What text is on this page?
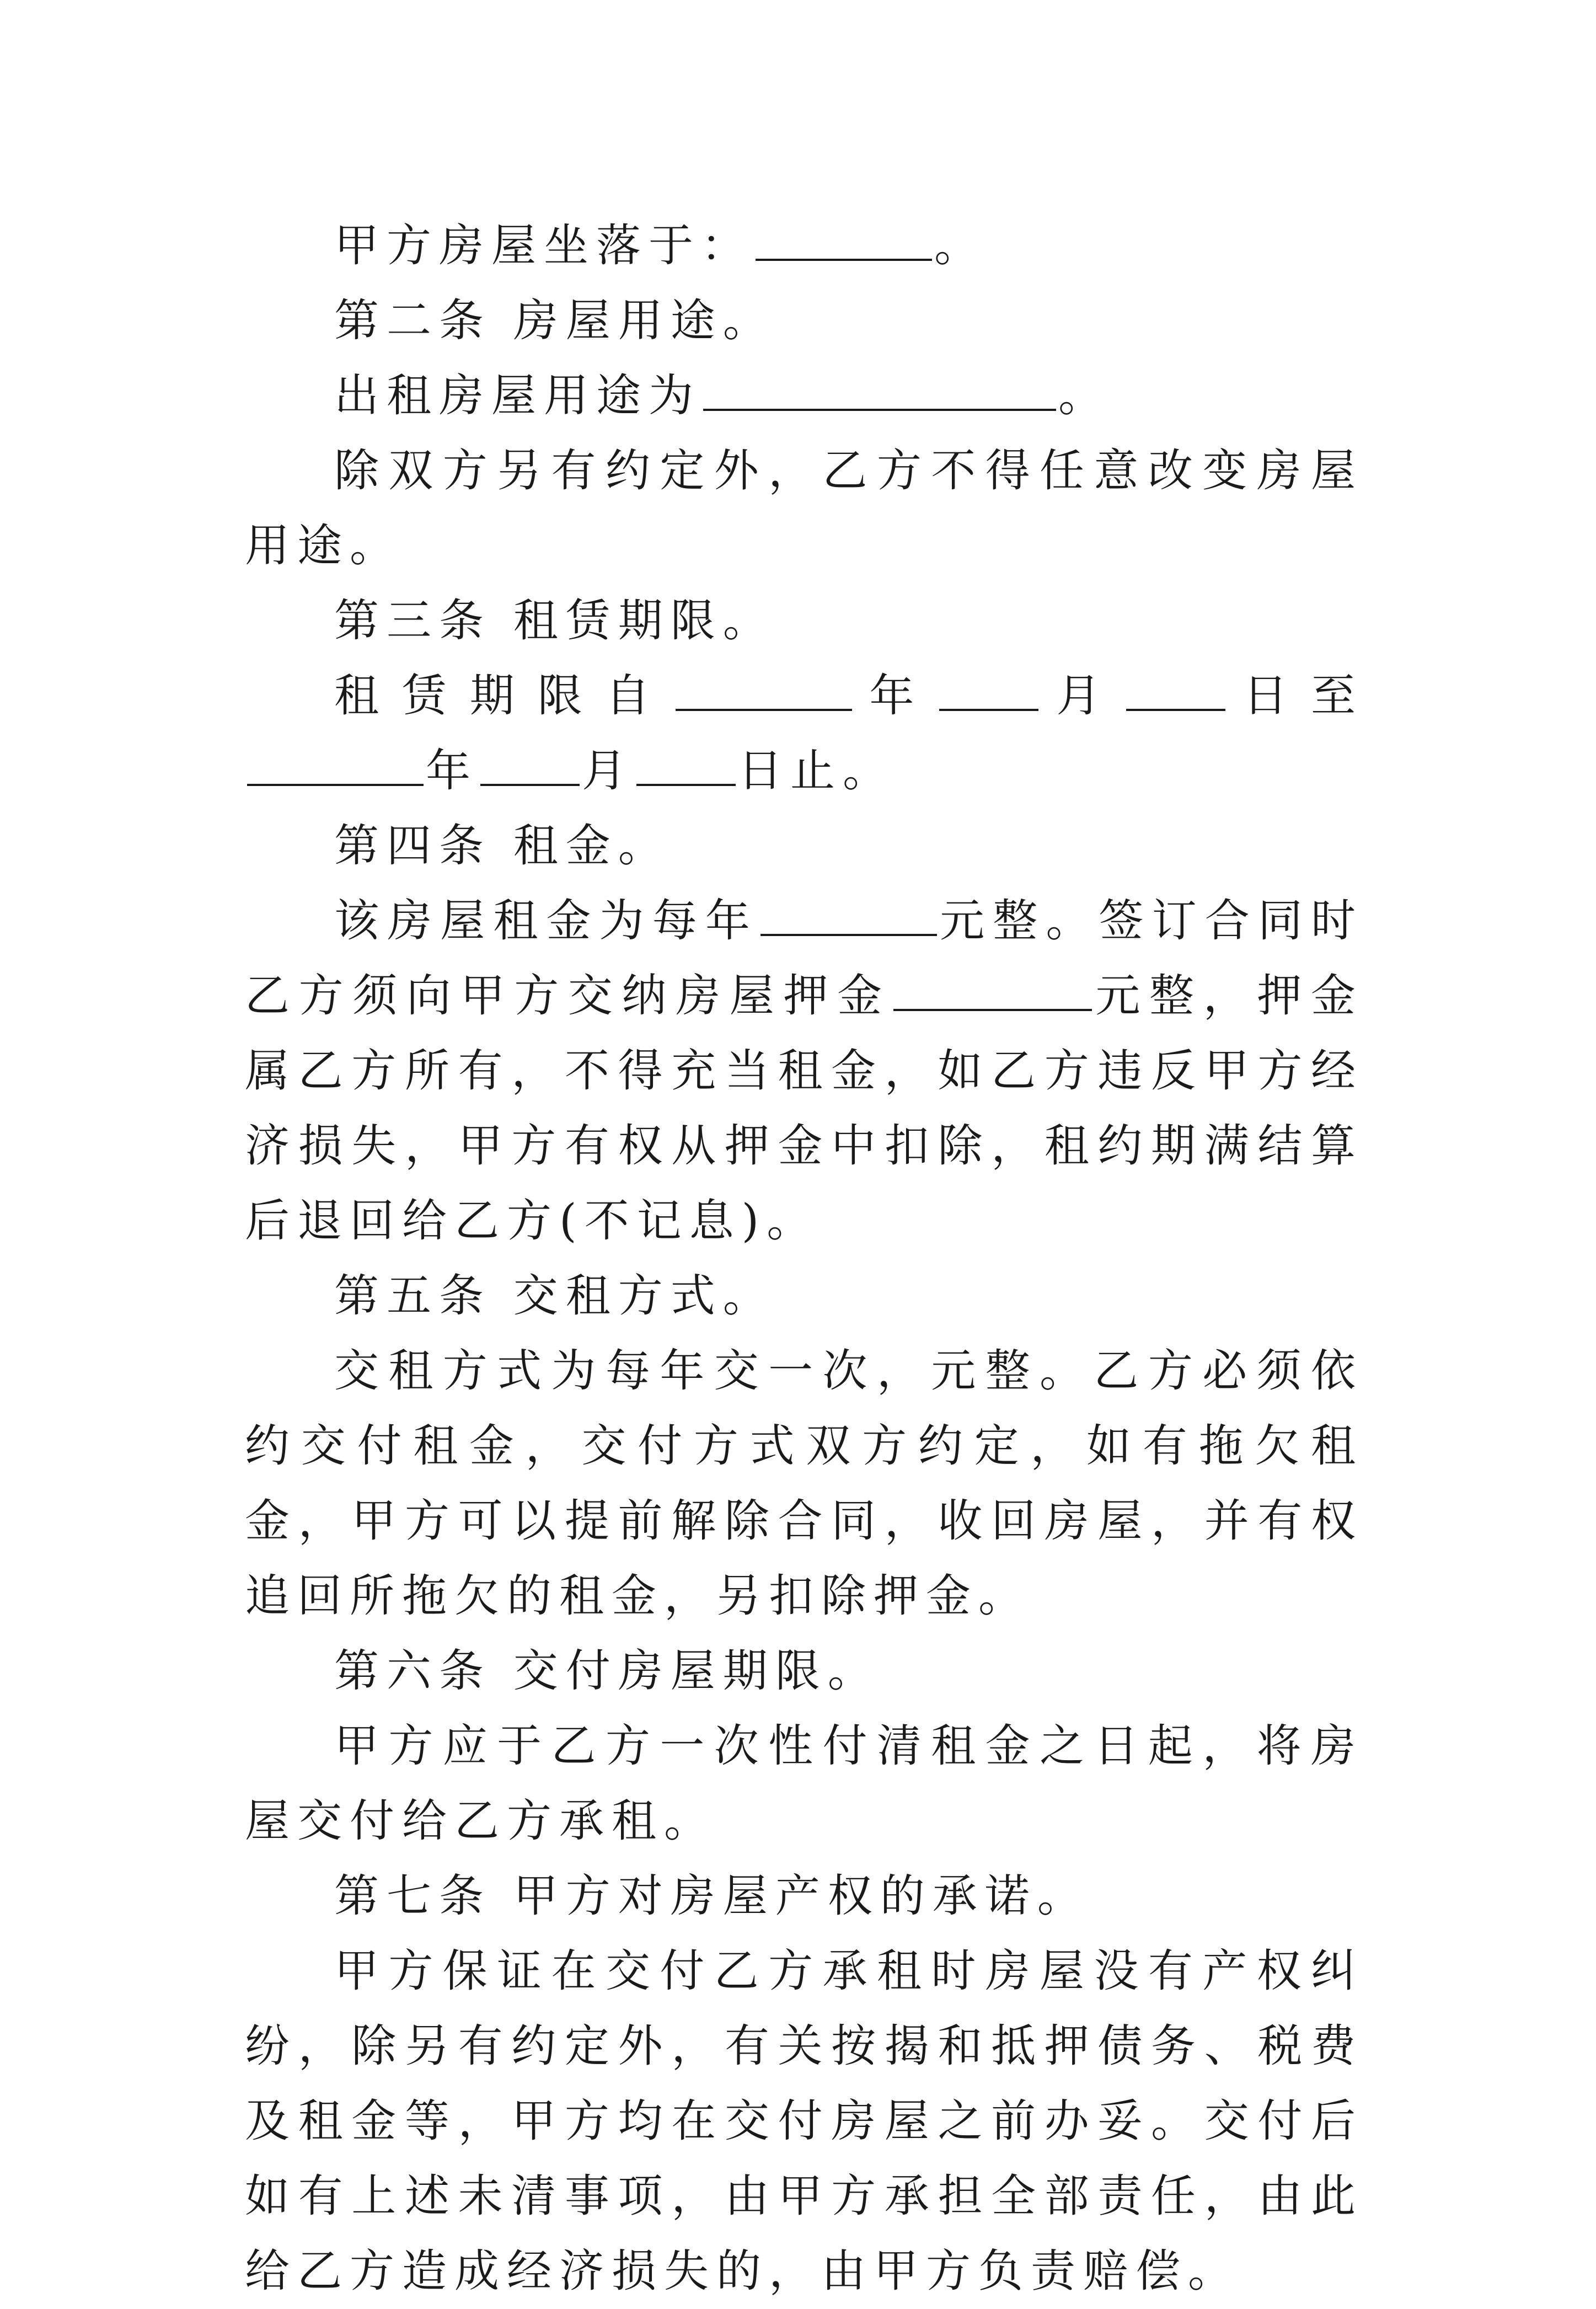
甲方房屋坐落于：	。

第二条 房屋用途。

出租房屋用途为	。

除双方另有约定外，乙方不得任意改变房屋用途。

第三条 租赁期限。

租赁期限自	年 月 日至年 月 日止。

第四条 租金。

该房屋租金为每年	元整。签订合同时乙方须向甲方交纳房屋押金	元整，押金属乙方所有，不得充当租金，如乙方违反甲方经济损失，甲方有权从押金中扣除，租约期满结算后退回给乙方(不记息)。

第五条 交租方式。

交租方式为每年交一次，元整。乙方必须依约交付租金，交付方式双方约定，如有拖欠租金，甲方可以提前解除合同，收回房屋，并有权追回所拖欠的租金，另扣除押金。

第六条 交付房屋期限。

甲方应于乙方一次性付清租金之日起，将房屋交付给乙方承租。

第七条 甲方对房屋产权的承诺。

甲方保证在交付乙方承租时房屋没有产权纠纷，除另有约定外，有关按揭和抵押债务、税费及租金等，甲方均在交付房屋之前办妥。交付后如有上述未清事项，由甲方承担全部责任，由此给乙方造成经济损失的，由甲方负责赔偿。
